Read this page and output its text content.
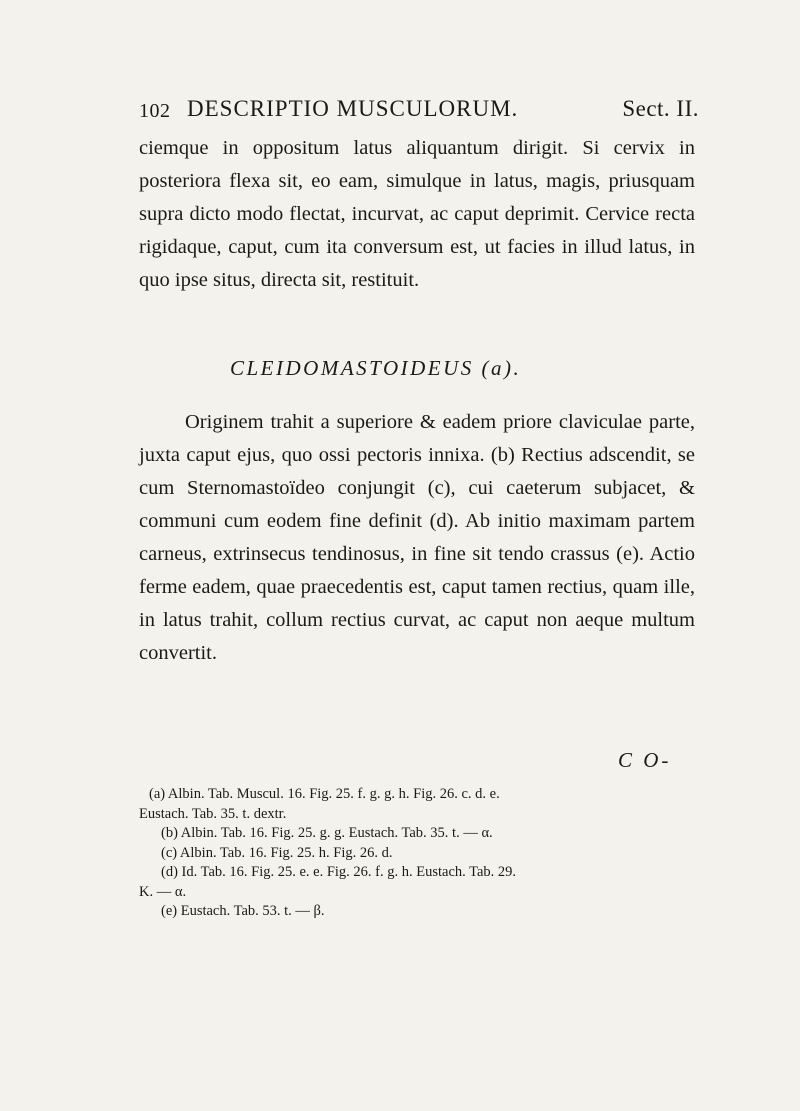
102 DESCRIPTIO MUSCULORUM.	Sect. II.
ciemque in oppositum latus aliquantum dirigit. Si cervix in posteriora flexa sit, eo eam, simulque in latus, magis, priusquam supra dicto modo flectat, incurvat, ac caput deprimit. Cervice recta rigidaque, caput, cum ita conversum est, ut facies in illud latus, in quo ipse situs, directa sit, restituit.
CLEIDOMASTOIDEUS (a).
Originem trahit a superiore & eadem priore claviculae parte, juxta caput ejus, quo ossi pectoris innixa. (b) Rectius adscendit, se cum Sternomastoïdeo conjungit (c), cui caeterum subjacet, & communi cum eodem fine definit (d). Ab initio maximam partem carneus, extrinsecus tendinosus, in fine sit tendo crassus (e). Actio ferme eadem, quae praecedentis est, caput tamen rectius, quam ille, in latus trahit, collum rectius curvat, ac caput non aeque multum convertit.
C O-
(a) Albin. Tab. Muscul. 16. Fig. 25. f. g. g. h. Fig. 26. c. d. e.
Eustach. Tab. 35. t. dextr.
(b) Albin. Tab. 16. Fig. 25. g. g. Eustach. Tab. 35. t. — α.
(c) Albin. Tab. 16. Fig. 25. h. Fig. 26. d.
(d) Id. Tab. 16. Fig. 25. e. e. Fig. 26. f. g. h. Eustach. Tab. 29.
K. — α.
(e) Eustach. Tab. 53. t. — β.
